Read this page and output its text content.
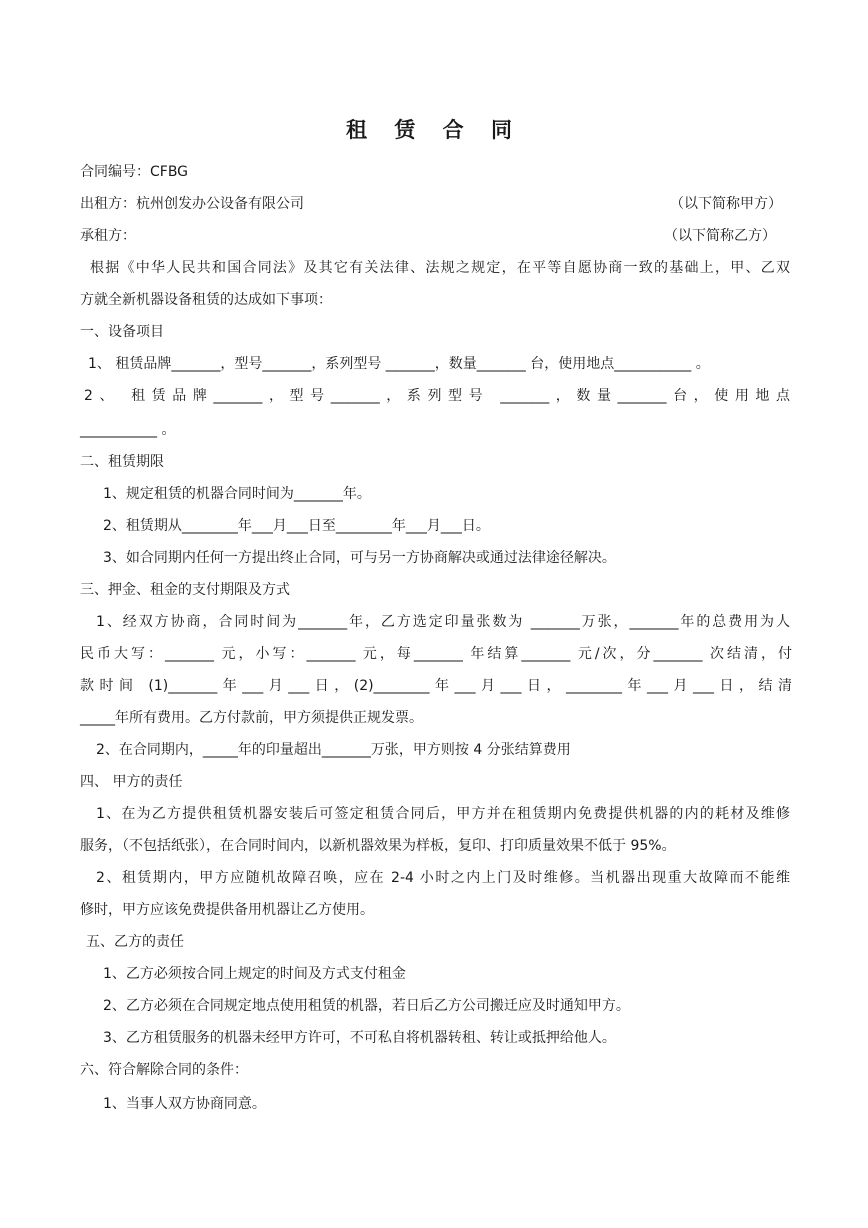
租 赁 合 同
合同编号：CFBG
出租方：杭州创发办公设备有限公司	（以下简称甲方）
承租方：	（以下简称乙方）
根据《中华人民共和国合同法》及其它有关法律、法规之规定，在平等自愿协商一致的基础上，甲、乙双
方就全新机器设备租赁的达成如下事项：
一、设备项目
1、 租赁品牌_______，型号_______，系列型号 _______，数量_______ 台，使用地点___________ 。
2、 租赁品牌_______，型号_______，系列型号 _______，数量_______台，使用地点
___________ 。
二、租赁期限
1、规定租赁的机器合同时间为_______年。
2、租赁期从________年___月___日至________年___月___日。
3、如合同期内任何一方提出终止合同，可与另一方协商解决或通过法律途径解决。
三、押金、租金的支付期限及方式
1、经双方协商，合同时间为_______年，乙方选定印量张数为 _______万张，_______年的总费用为人
民币大写：_______ 元，小写：_______ 元，每_______ 年结算_______ 元/次，分_______ 次结清，付
款时间 (1)_______年___月___日，(2)________年___月___日，________年___月___日，结清
_____年所有费用。乙方付款前，甲方须提供正规发票。
2、在合同期内，_____年的印量超出_______万张，甲方则按 4 分张结算费用
四、 甲方的责任
1、在为乙方提供租赁机器安装后可签定租赁合同后，甲方并在租赁期内免费提供机器的内的耗材及维修
服务，（不包括纸张），在合同时间内，以新机器效果为样板，复印、打印质量效果不低于 95%。
2、租赁期内，甲方应随机故障召唤，应在 2-4 小时之内上门及时维修。当机器出现重大故障而不能维
修时，甲方应该免费提供备用机器让乙方使用。
五、乙方的责任
1、乙方必须按合同上规定的时间及方式支付租金
2、乙方必须在合同规定地点使用租赁的机器，若日后乙方公司搬迁应及时通知甲方。
3、乙方租赁服务的机器未经甲方许可，不可私自将机器转租、转让或抵押给他人。
六、符合解除合同的条件：
1、当事人双方协商同意。
